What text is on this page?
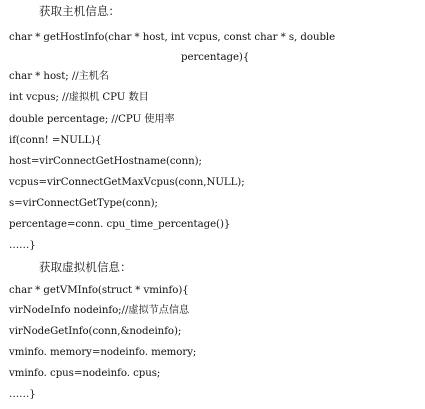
获取主机信息：
char * getHostInfo(char * host, int vcpus, const char * s, double
percentage){
char * host; //主机名
int vcpus; //虚拟机 CPU 数目
double percentage; //CPU 使用率
if(conn! =NULL){
host=virConnectGetHostname(conn);
vcpus=virConnectGetMaxVcpus(conn,NULL);
s=virConnectGetType(conn);
percentage=conn. cpu_time_percentage()}
……}
获取虚拟机信息：
char * getVMInfo(struct * vminfo){
virNodeInfo nodeinfo;//虚拟节点信息
virNodeGetInfo(conn,&nodeinfo);
vminfo. memory=nodeinfo. memory;
vminfo. cpus=nodeinfo. cpus;
……}
